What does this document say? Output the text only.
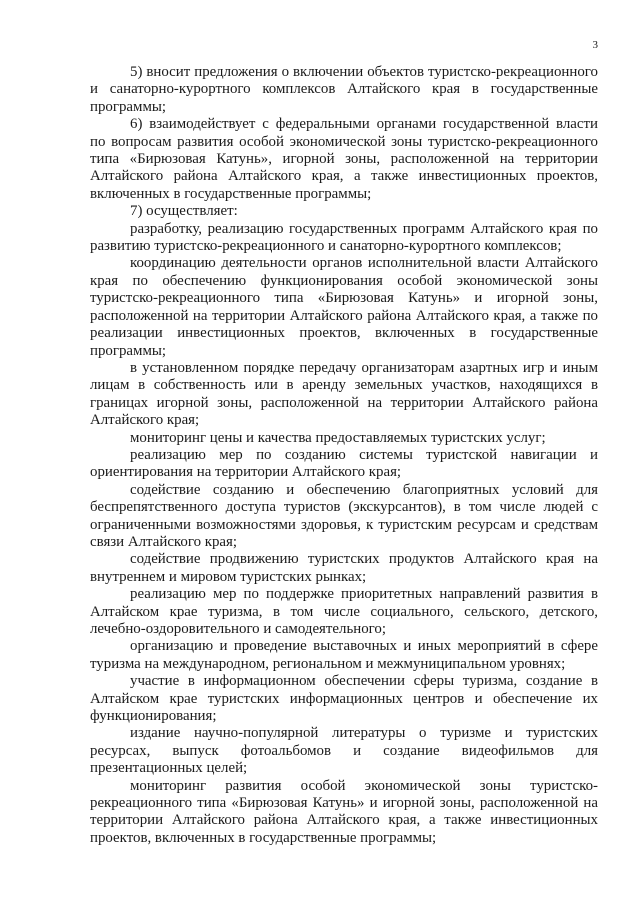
3

5) вносит предложения о включении объектов туристско-рекреационного и санаторно-курортного комплексов Алтайского края в государственные программы;

6) взаимодействует с федеральными органами государственной власти по вопросам развития особой экономической зоны туристско-рекреационного типа «Бирюзовая Катунь», игорной зоны, расположенной на территории Алтайского района Алтайского края, а также инвестиционных проектов, включенных в государственные программы;

7) осуществляет:

разработку, реализацию государственных программ Алтайского края по развитию туристско-рекреационного и санаторно-курортного комплексов;

координацию деятельности органов исполнительной власти Алтайского края по обеспечению функционирования особой экономической зоны туристско-рекреационного типа «Бирюзовая Катунь» и игорной зоны, расположенной на территории Алтайского района Алтайского края, а также по реализации инвестиционных проектов, включенных в государственные программы;

в установленном порядке передачу организаторам азартных игр и иным лицам в собственность или в аренду земельных участков, находящихся в границах игорной зоны, расположенной на территории Алтайского района Алтайского края;

мониторинг цены и качества предоставляемых туристских услуг;

реализацию мер по созданию системы туристской навигации и ориентирования на территории Алтайского края;

содействие созданию и обеспечению благоприятных условий для беспрепятственного доступа туристов (экскурсантов), в том числе людей с ограниченными возможностями здоровья, к туристским ресурсам и средствам связи Алтайского края;

содействие продвижению туристских продуктов Алтайского края на внутреннем и мировом туристских рынках;

реализацию мер по поддержке приоритетных направлений развития в Алтайском крае туризма, в том числе социального, сельского, детского, лечебно-оздоровительного и самодеятельного;

организацию и проведение выставочных и иных мероприятий в сфере туризма на международном, региональном и межмуниципальном уровнях;

участие в информационном обеспечении сферы туризма, создание в Алтайском крае туристских информационных центров и обеспечение их функционирования;

издание научно-популярной литературы о туризме и туристских ресурсах, выпуск фотоальбомов и создание видеофильмов для презентационных целей;

мониторинг развития особой экономической зоны туристско-рекреационного типа «Бирюзовая Катунь» и игорной зоны, расположенной на территории Алтайского района Алтайского края, а также инвестиционных проектов, включенных в государственные программы;
